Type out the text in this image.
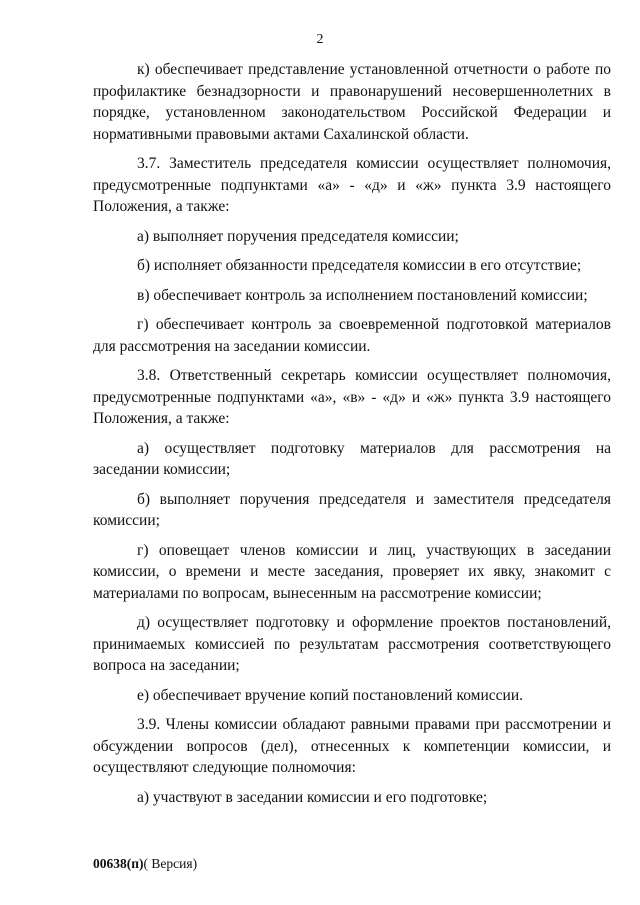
2

к) обеспечивает представление установленной отчетности о работе по профилактике безнадзорности и правонарушений несовершеннолетних в порядке, установленном законодательством Российской Федерации и нормативными правовыми актами Сахалинской области.

3.7. Заместитель председателя комиссии осуществляет полномочия, предусмотренные подпунктами «а» - «д» и «ж» пункта 3.9 настоящего Положения, а также:

а) выполняет поручения председателя комиссии;

б) исполняет обязанности председателя комиссии в его отсутствие;

в) обеспечивает контроль за исполнением постановлений комиссии;

г) обеспечивает контроль за своевременной подготовкой материалов для рассмотрения на заседании комиссии.

3.8. Ответственный секретарь комиссии осуществляет полномочия, предусмотренные подпунктами «а», «в» - «д» и «ж» пункта 3.9 настоящего Положения, а также:

а) осуществляет подготовку материалов для рассмотрения на заседании комиссии;

б) выполняет поручения председателя и заместителя председателя комиссии;

г) оповещает членов комиссии и лиц, участвующих в заседании комиссии, о времени и месте заседания, проверяет их явку, знакомит с материалами по вопросам, вынесенным на рассмотрение комиссии;

д) осуществляет подготовку и оформление проектов постановлений, принимаемых комиссией по результатам рассмотрения соответствующего вопроса на заседании;

е) обеспечивает вручение копий постановлений комиссии.

3.9. Члены комиссии обладают равными правами при рассмотрении и обсуждении вопросов (дел), отнесенных к компетенции комиссии, и осуществляют следующие полномочия:

а) участвуют в заседании комиссии и его подготовке;

00638(п)( Версия)
